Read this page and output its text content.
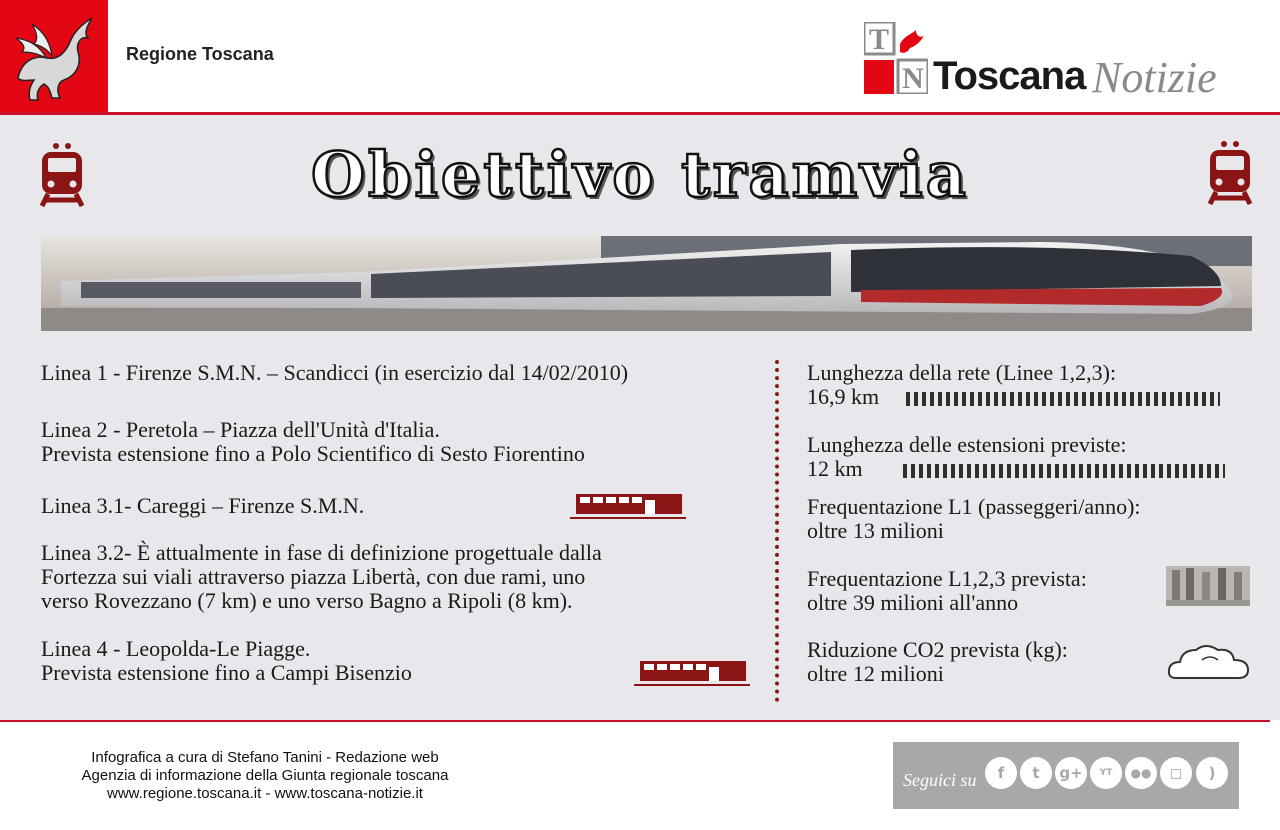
Regione Toscana	T
N Toscana Notizie
Obiettivo tramvia
Linea 1 - Firenze S.M.N. – Scandicci (in esercizio dal 14/02/2010)
Linea 2 - Peretola – Piazza dell'Unità d'Italia.
Prevista estensione fino a Polo Scientifico di Sesto Fiorentino
Linea 3.1- Careggi – Firenze S.M.N.
Linea 3.2- È attualmente in fase di definizione progettuale dalla
Fortezza sui viali attraverso piazza Libertà, con due rami, uno
verso Rovezzano (7 km) e uno verso Bagno a Ripoli (8 km).
Linea 4 - Leopolda-Le Piagge.
Prevista estensione fino a Campi Bisenzio
Lunghezza della rete (Linee 1,2,3):
16,9 km
Lunghezza delle estensioni previste:
12 km
Frequentazione L1 (passeggeri/anno):
oltre 13 milioni
Frequentazione L1,2,3 prevista:
oltre 39 milioni all'anno
Riduzione CO2 prevista (kg):
oltre 12 milioni
Infografica a cura di Stefano Tanini - Redazione web
Agenzia di informazione della Giunta regionale toscana
www.regione.toscana.it - www.toscana-notizie.it
Seguici su	f	t	g+	YT	●●	◻	)
